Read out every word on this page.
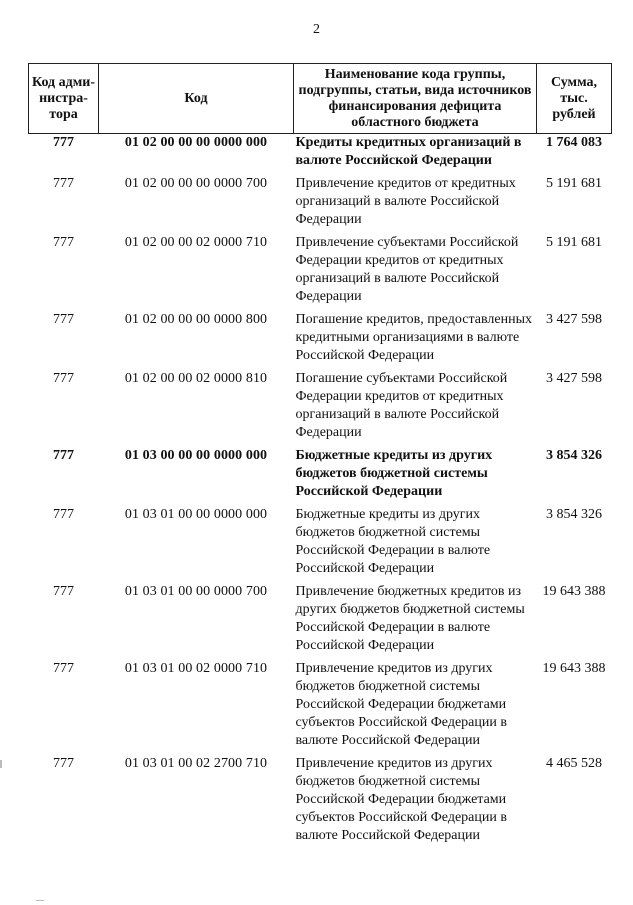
2
Код адми-нистра-тора	Код	Наименование кода группы, подгруппы, статьи, вида источников финансирования дефицита областного бюджета	Сумма, тыс. рублей
777	01 02 00 00 00 0000 000	Кредиты кредитных организаций в валюте Российской Федерации	1 764 083
777	01 02 00 00 00 0000 700	Привлечение кредитов от кредитных организаций в валюте Российской Федерации	5 191 681
777	01 02 00 00 02 0000 710	Привлечение субъектами Российской Федерации кредитов от кредитных организаций в валюте Российской Федерации	5 191 681
777	01 02 00 00 00 0000 800	Погашение кредитов, предоставленных кредитными организациями в валюте Российской Федерации	3 427 598
777	01 02 00 00 02 0000 810	Погашение субъектами Российской Федерации кредитов от кредитных организаций в валюте Российской Федерации	3 427 598
777	01 03 00 00 00 0000 000	Бюджетные кредиты из других бюджетов бюджетной системы Российской Федерации	3 854 326
777	01 03 01 00 00 0000 000	Бюджетные кредиты из других бюджетов бюджетной системы Российской Федерации в валюте Российской Федерации	3 854 326
777	01 03 01 00 00 0000 700	Привлечение бюджетных кредитов из других бюджетов бюджетной системы Российской Федерации в валюте Российской Федерации	19 643 388
777	01 03 01 00 02 0000 710	Привлечение кредитов из других бюджетов бюджетной системы Российской Федерации бюджетами субъектов Российской Федерации в валюте Российской Федерации	19 643 388
777	01 03 01 00 02 2700 710	Привлечение кредитов из других бюджетов бюджетной системы Российской Федерации бюджетами субъектов Российской Федерации в валюте Российской Федерации	4 465 528
